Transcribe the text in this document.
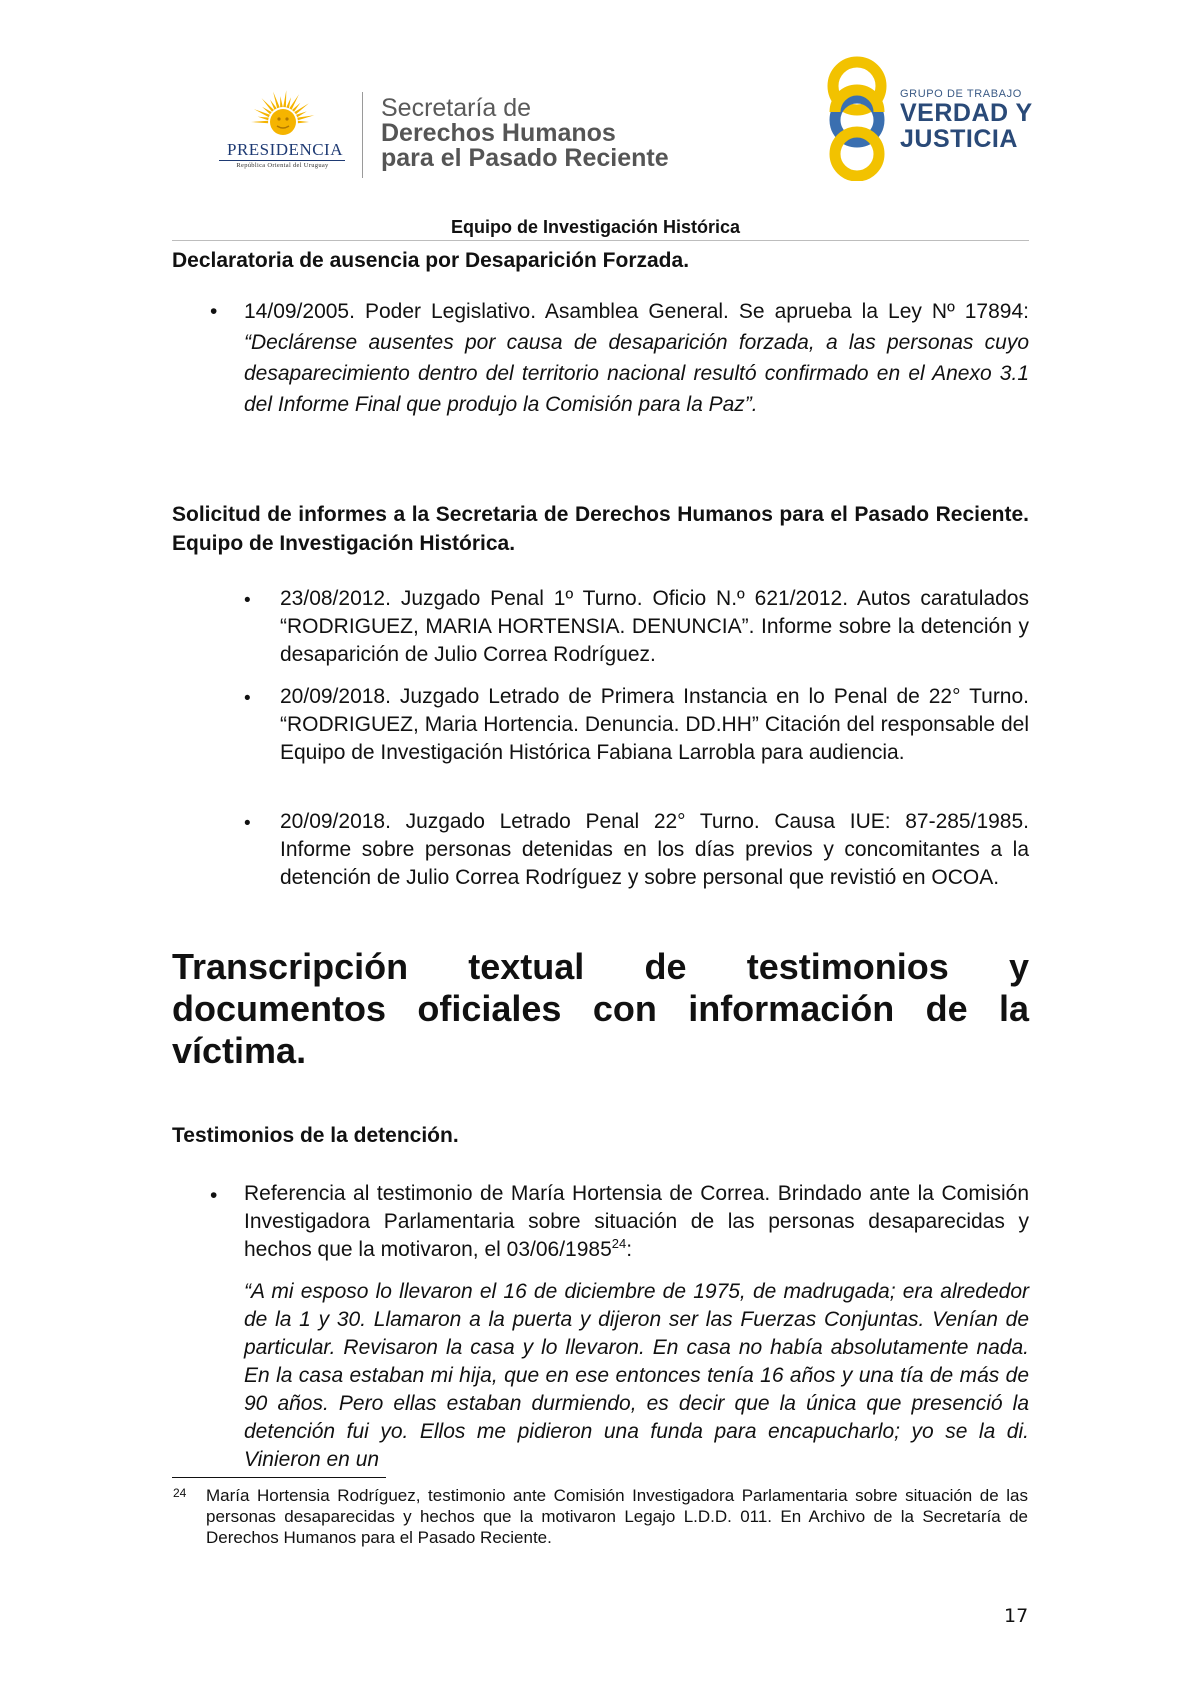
PRESIDENCIA
República Oriental del Uruguay
Secretaría de
Derechos Humanos
para el Pasado Reciente
GRUPO DE TRABAJO
VERDAD Y
JUSTICIA
Equipo de Investigación Histórica
Declaratoria de ausencia por Desaparición Forzada.
• 14/09/2005. Poder Legislativo. Asamblea General. Se aprueba la Ley Nº 17894: “Declárense ausentes por causa de desaparición forzada, a las personas cuyo desaparecimiento dentro del territorio nacional resultó confirmado en el Anexo 3.1 del Informe Final que produjo la Comisión para la Paz”.
Solicitud de informes a la Secretaria de Derechos Humanos para el Pasado Reciente. Equipo de Investigación Histórica.
• 23/08/2012. Juzgado Penal 1º Turno. Oficio N.º 621/2012. Autos caratulados “RODRIGUEZ, MARIA HORTENSIA. DENUNCIA”. Informe sobre la detención y desaparición de Julio Correa Rodríguez.
• 20/09/2018. Juzgado Letrado de Primera Instancia en lo Penal de 22° Turno. “RODRIGUEZ, Maria Hortencia. Denuncia. DD.HH” Citación del responsable del Equipo de Investigación Histórica Fabiana Larrobla para audiencia.
• 20/09/2018. Juzgado Letrado Penal 22° Turno. Causa IUE: 87-285/1985. Informe sobre personas detenidas en los días previos y concomitantes a la detención de Julio Correa Rodríguez y sobre personal que revistió en OCOA.
Transcripción textual de testimonios y documentos oficiales con información de la víctima.
Testimonios de la detención.
• Referencia al testimonio de María Hortensia de Correa. Brindado ante la Comisión Investigadora Parlamentaria sobre situación de las personas desaparecidas y hechos que la motivaron, el 03/06/1985$^{24}$:
“A mi esposo lo llevaron el 16 de diciembre de 1975, de madrugada; era alrededor de la 1 y 30. Llamaron a la puerta y dijeron ser las Fuerzas Conjuntas. Venían de particular. Revisaron la casa y lo llevaron. En casa no había absolutamente nada. En la casa estaban mi hija, que en ese entonces tenía 16 años y una tía de más de 90 años. Pero ellas estaban durmiendo, es decir que la única que presenció la detención fui yo. Ellos me pidieron una funda para encapucharlo; yo se la di. Vinieron en un
24 María Hortensia Rodríguez, testimonio ante Comisión Investigadora Parlamentaria sobre situación de las personas desaparecidas y hechos que la motivaron Legajo L.D.D. 011. En Archivo de la Secretaría de Derechos Humanos para el Pasado Reciente.
17
